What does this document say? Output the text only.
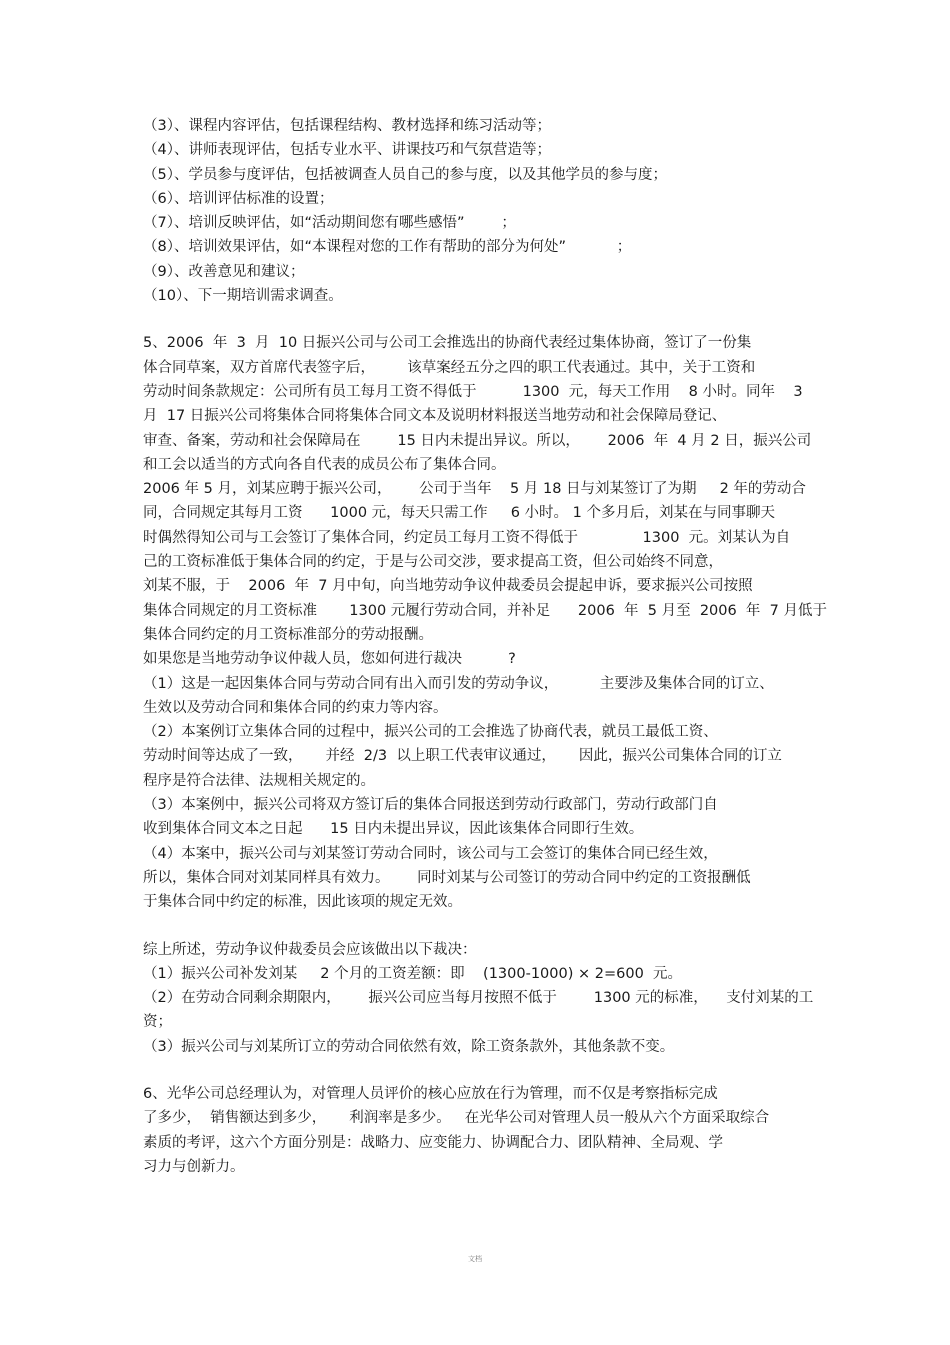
（3）、课程内容评估，包括课程结构、教材选择和练习活动等；
（4）、讲师表现评估，包括专业水平、讲课技巧和气氛营造等；
（5）、学员参与度评估，包括被调查人员自己的参与度，以及其他学员的参与度；
（6）、培训评估标准的设置；
（7）、培训反映评估，如“活动期间您有哪些感悟”        ；
（8）、培训效果评估，如“本课程对您的工作有帮助的部分为何处”           ；
（9）、改善意见和建议；
（10）、下一期培训需求调查。
5、2006  年  3  月  10 日振兴公司与公司工会推选出的协商代表经过集体协商，签订了一份集
体合同草案，双方首席代表签字后，       该草案经五分之四的职工代表通过。其中，关于工资和
劳动时间条款规定：公司所有员工每月工资不得低于          1300  元，每天工作用    8 小时。同年    3
月  17 日振兴公司将集体合同将集体合同文本及说明材料报送当地劳动和社会保障局登记、
审查、备案，劳动和社会保障局在        15 日内未提出异议。所以，      2006  年  4 月 2 日，振兴公司
和工会以适当的方式向各自代表的成员公布了集体合同。
2006 年 5 月，刘某应聘于振兴公司，      公司于当年    5 月 18 日与刘某签订了为期     2 年的劳动合
同，合同规定其每月工资      1000 元，每天只需工作     6 小时。 1 个多月后，刘某在与同事聊天
时偶然得知公司与工会签订了集体合同，约定员工每月工资不得低于              1300  元。刘某认为自
己的工资标准低于集体合同的约定，于是与公司交涉，要求提高工资，但公司始终不同意，
刘某不服，于    2006  年  7 月中旬，向当地劳动争议仲裁委员会提起申诉，要求振兴公司按照
集体合同规定的月工资标准       1300 元履行劳动合同，并补足      2006  年  5 月至  2006  年  7 月低于
集体合同约定的月工资标准部分的劳动报酬。
如果您是当地劳动争议仲裁人员，您如何进行裁决          ?
（1）这是一起因集体合同与劳动合同有出入而引发的劳动争议，         主要涉及集体合同的订立、
生效以及劳动合同和集体合同的约束力等内容。
（2）本案例订立集体合同的过程中，振兴公司的工会推选了协商代表，就员工最低工资、
劳动时间等达成了一致，     并经  2/3  以上职工代表审议通过，     因此，振兴公司集体合同的订立
程序是符合法律、法规相关规定的。
（3）本案例中，振兴公司将双方签订后的集体合同报送到劳动行政部门，劳动行政部门自
收到集体合同文本之日起      15 日内未提出异议，因此该集体合同即行生效。
（4）本案中，振兴公司与刘某签订劳动合同时，该公司与工会签订的集体合同已经生效，
所以，集体合同对刘某同样具有效力。      同时刘某与公司签订的劳动合同中约定的工资报酬低
于集体合同中约定的标准，因此该项的规定无效。
综上所述，劳动争议仲裁委员会应该做出以下裁决：
（1）振兴公司补发刘某     2 个月的工资差额：即    (1300-1000) × 2=600  元。
（2）在劳动合同剩余期限内，      振兴公司应当每月按照不低于        1300 元的标准，    支付刘某的工
资；
（3）振兴公司与刘某所订立的劳动合同依然有效，除工资条款外，其他条款不变。
6、光华公司总经理认为，对管理人员评价的核心应放在行为管理，而不仅是考察指标完成
了多少，  销售额达到多少，     利润率是多少。   在光华公司对管理人员一般从六个方面采取综合
素质的考评，这六个方面分别是：战略力、应变能力、协调配合力、团队精神、全局观、学
习力与创新力。
文档
